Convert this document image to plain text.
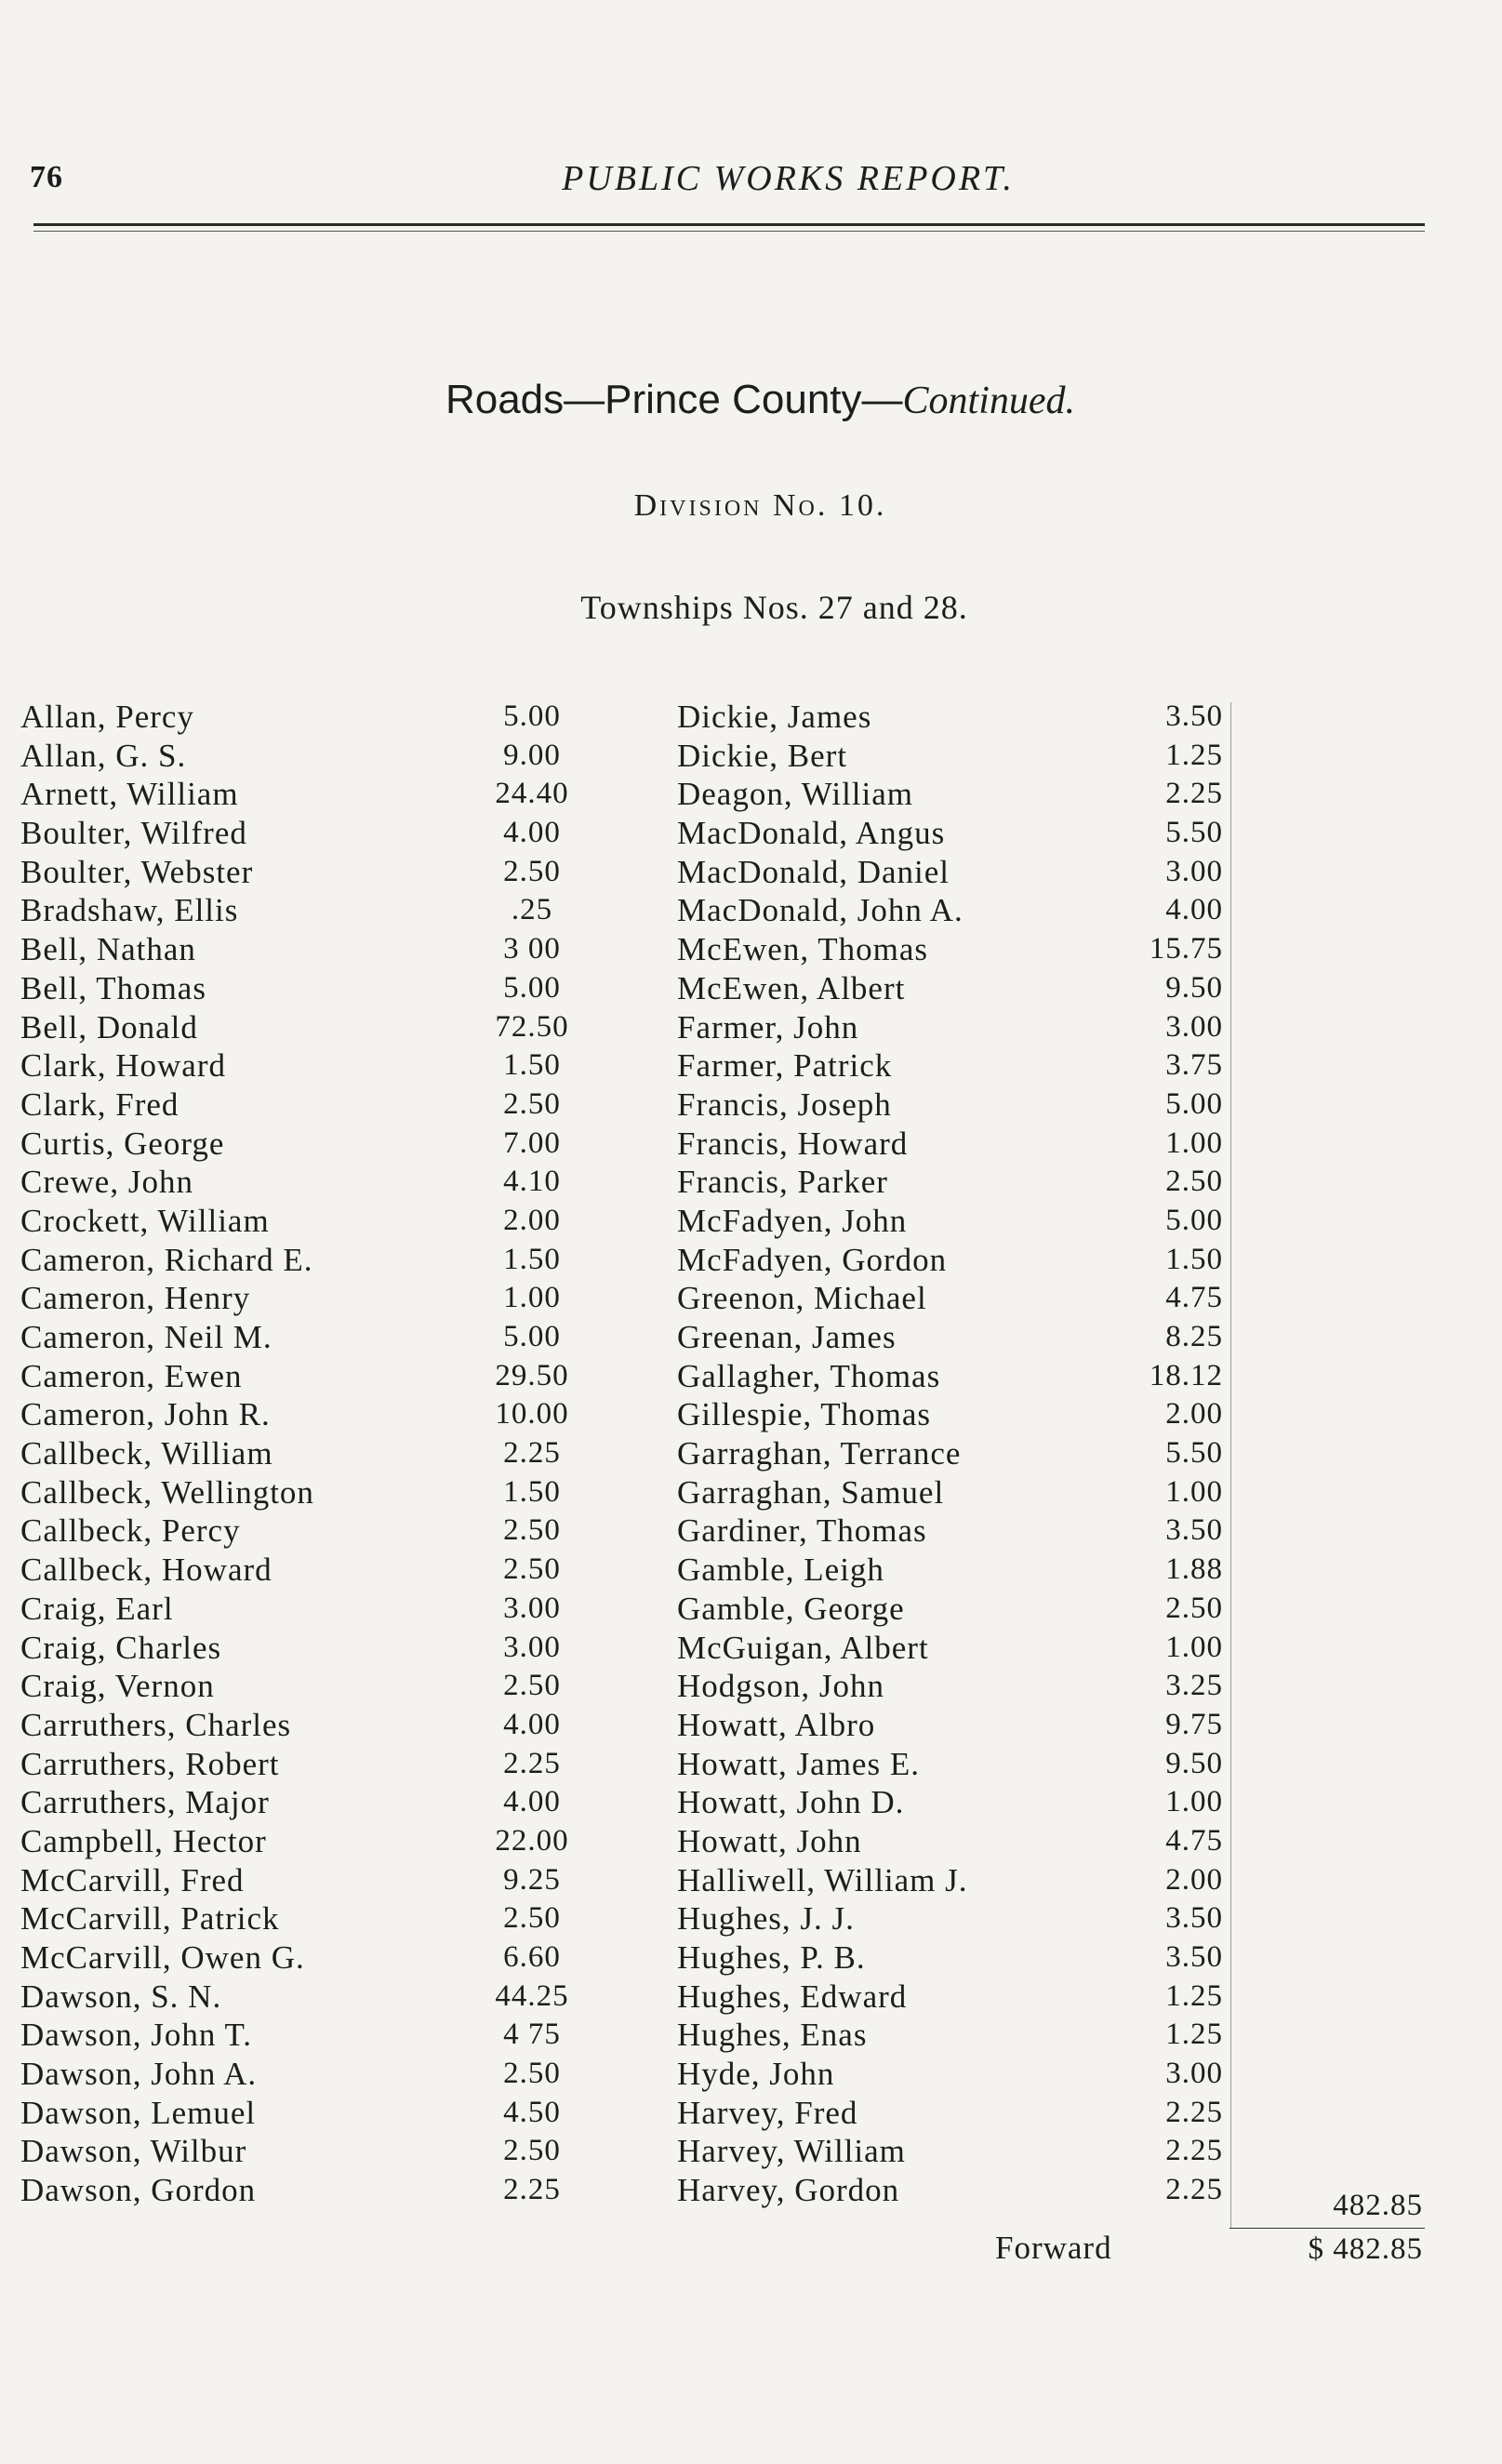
76	PUBLIC WORKS REPORT.
Roads—Prince County—Continued.
Division No. 10.
Townships Nos. 27 and 28.
Allan, Percy	5.00
Allan, G. S.	9.00
Arnett, William	24.40
Boulter, Wilfred	4.00
Boulter, Webster	2.50
Bradshaw, Ellis	.25
Bell, Nathan	3 00
Bell, Thomas	5.00
Bell, Donald	72.50
Clark, Howard	1.50
Clark, Fred	2.50
Curtis, George	7.00
Crewe, John	4.10
Crockett, William	2.00
Cameron, Richard E.	1.50
Cameron, Henry	1.00
Cameron, Neil M.	5.00
Cameron, Ewen	29.50
Cameron, John R.	10.00
Callbeck, William	2.25
Callbeck, Wellington	1.50
Callbeck, Percy	2.50
Callbeck, Howard	2.50
Craig, Earl	3.00
Craig, Charles	3.00
Craig, Vernon	2.50
Carruthers, Charles	4.00
Carruthers, Robert	2.25
Carruthers, Major	4.00
Campbell, Hector	22.00
McCarvill, Fred	9.25
McCarvill, Patrick	2.50
McCarvill, Owen G.	6.60
Dawson, S. N.	44.25
Dawson, John T.	4 75
Dawson, John A.	2.50
Dawson, Lemuel	4.50
Dawson, Wilbur	2.50
Dawson, Gordon	2.25
Dickie, James	3.50
Dickie, Bert	1.25
Deagon, William	2.25
MacDonald, Angus	5.50
MacDonald, Daniel	3.00
MacDonald, John A.	4.00
McEwen, Thomas	15.75
McEwen, Albert	9.50
Farmer, John	3.00
Farmer, Patrick	3.75
Francis, Joseph	5.00
Francis, Howard	1.00
Francis, Parker	2.50
McFadyen, John	5.00
McFadyen, Gordon	1.50
Greenon, Michael	4.75
Greenan, James	8.25
Gallagher, Thomas	18.12
Gillespie, Thomas	2.00
Garraghan, Terrance	5.50
Garraghan, Samuel	1.00
Gardiner, Thomas	3.50
Gamble, Leigh	1.88
Gamble, George	2.50
McGuigan, Albert	1.00
Hodgson, John	3.25
Howatt, Albro	9.75
Howatt, James E.	9.50
Howatt, John D.	1.00
Howatt, John	4.75
Halliwell, William J.	2.00
Hughes, J. J.	3.50
Hughes, P. B.	3.50
Hughes, Edward	1.25
Hughes, Enas	1.25
Hyde, John	3.00
Harvey, Fred	2.25
Harvey, William	2.25
Harvey, Gordon	2.25	482.85
Forward	$ 482.85
